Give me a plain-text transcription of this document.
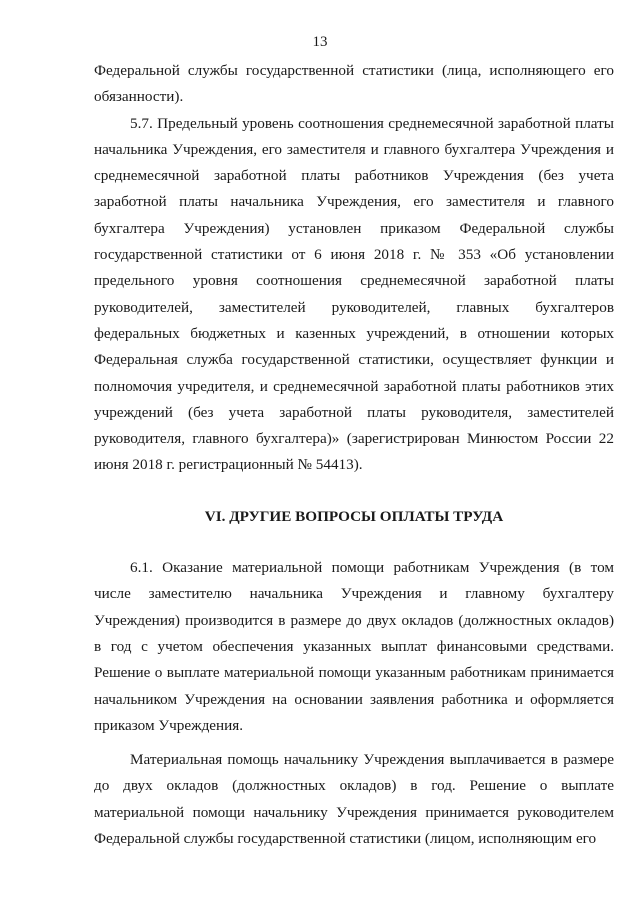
13

Федеральной службы государственной статистики (лица, исполняющего его обязанности).

5.7. Предельный уровень соотношения среднемесячной заработной платы начальника Учреждения, его заместителя и главного бухгалтера Учреждения и среднемесячной заработной платы работников Учреждения (без учета заработной платы начальника Учреждения, его заместителя и главного бухгалтера Учреждения) установлен приказом Федеральной службы государственной статистики от 6 июня 2018 г. № 353 «Об установлении предельного уровня соотношения среднемесячной заработной платы руководителей, заместителей руководителей, главных бухгалтеров федеральных бюджетных и казенных учреждений, в отношении которых Федеральная служба государственной статистики, осуществляет функции и полномочия учредителя, и среднемесячной заработной платы работников этих учреждений (без учета заработной платы руководителя, заместителей руководителя, главного бухгалтера)» (зарегистрирован Минюстом России 22 июня 2018 г. регистрационный № 54413).

VI. ДРУГИЕ ВОПРОСЫ ОПЛАТЫ ТРУДА

6.1. Оказание материальной помощи работникам Учреждения (в том числе заместителю начальника Учреждения и главному бухгалтеру Учреждения) производится в размере до двух окладов (должностных окладов) в год с учетом обеспечения указанных выплат финансовыми средствами. Решение о выплате материальной помощи указанным работникам принимается начальником Учреждения на основании заявления работника и оформляется приказом Учреждения.

Материальная помощь начальнику Учреждения выплачивается в размере до двух окладов (должностных окладов) в год. Решение о выплате материальной помощи начальнику Учреждения принимается руководителем Федеральной службы государственной статистики (лицом, исполняющим его
